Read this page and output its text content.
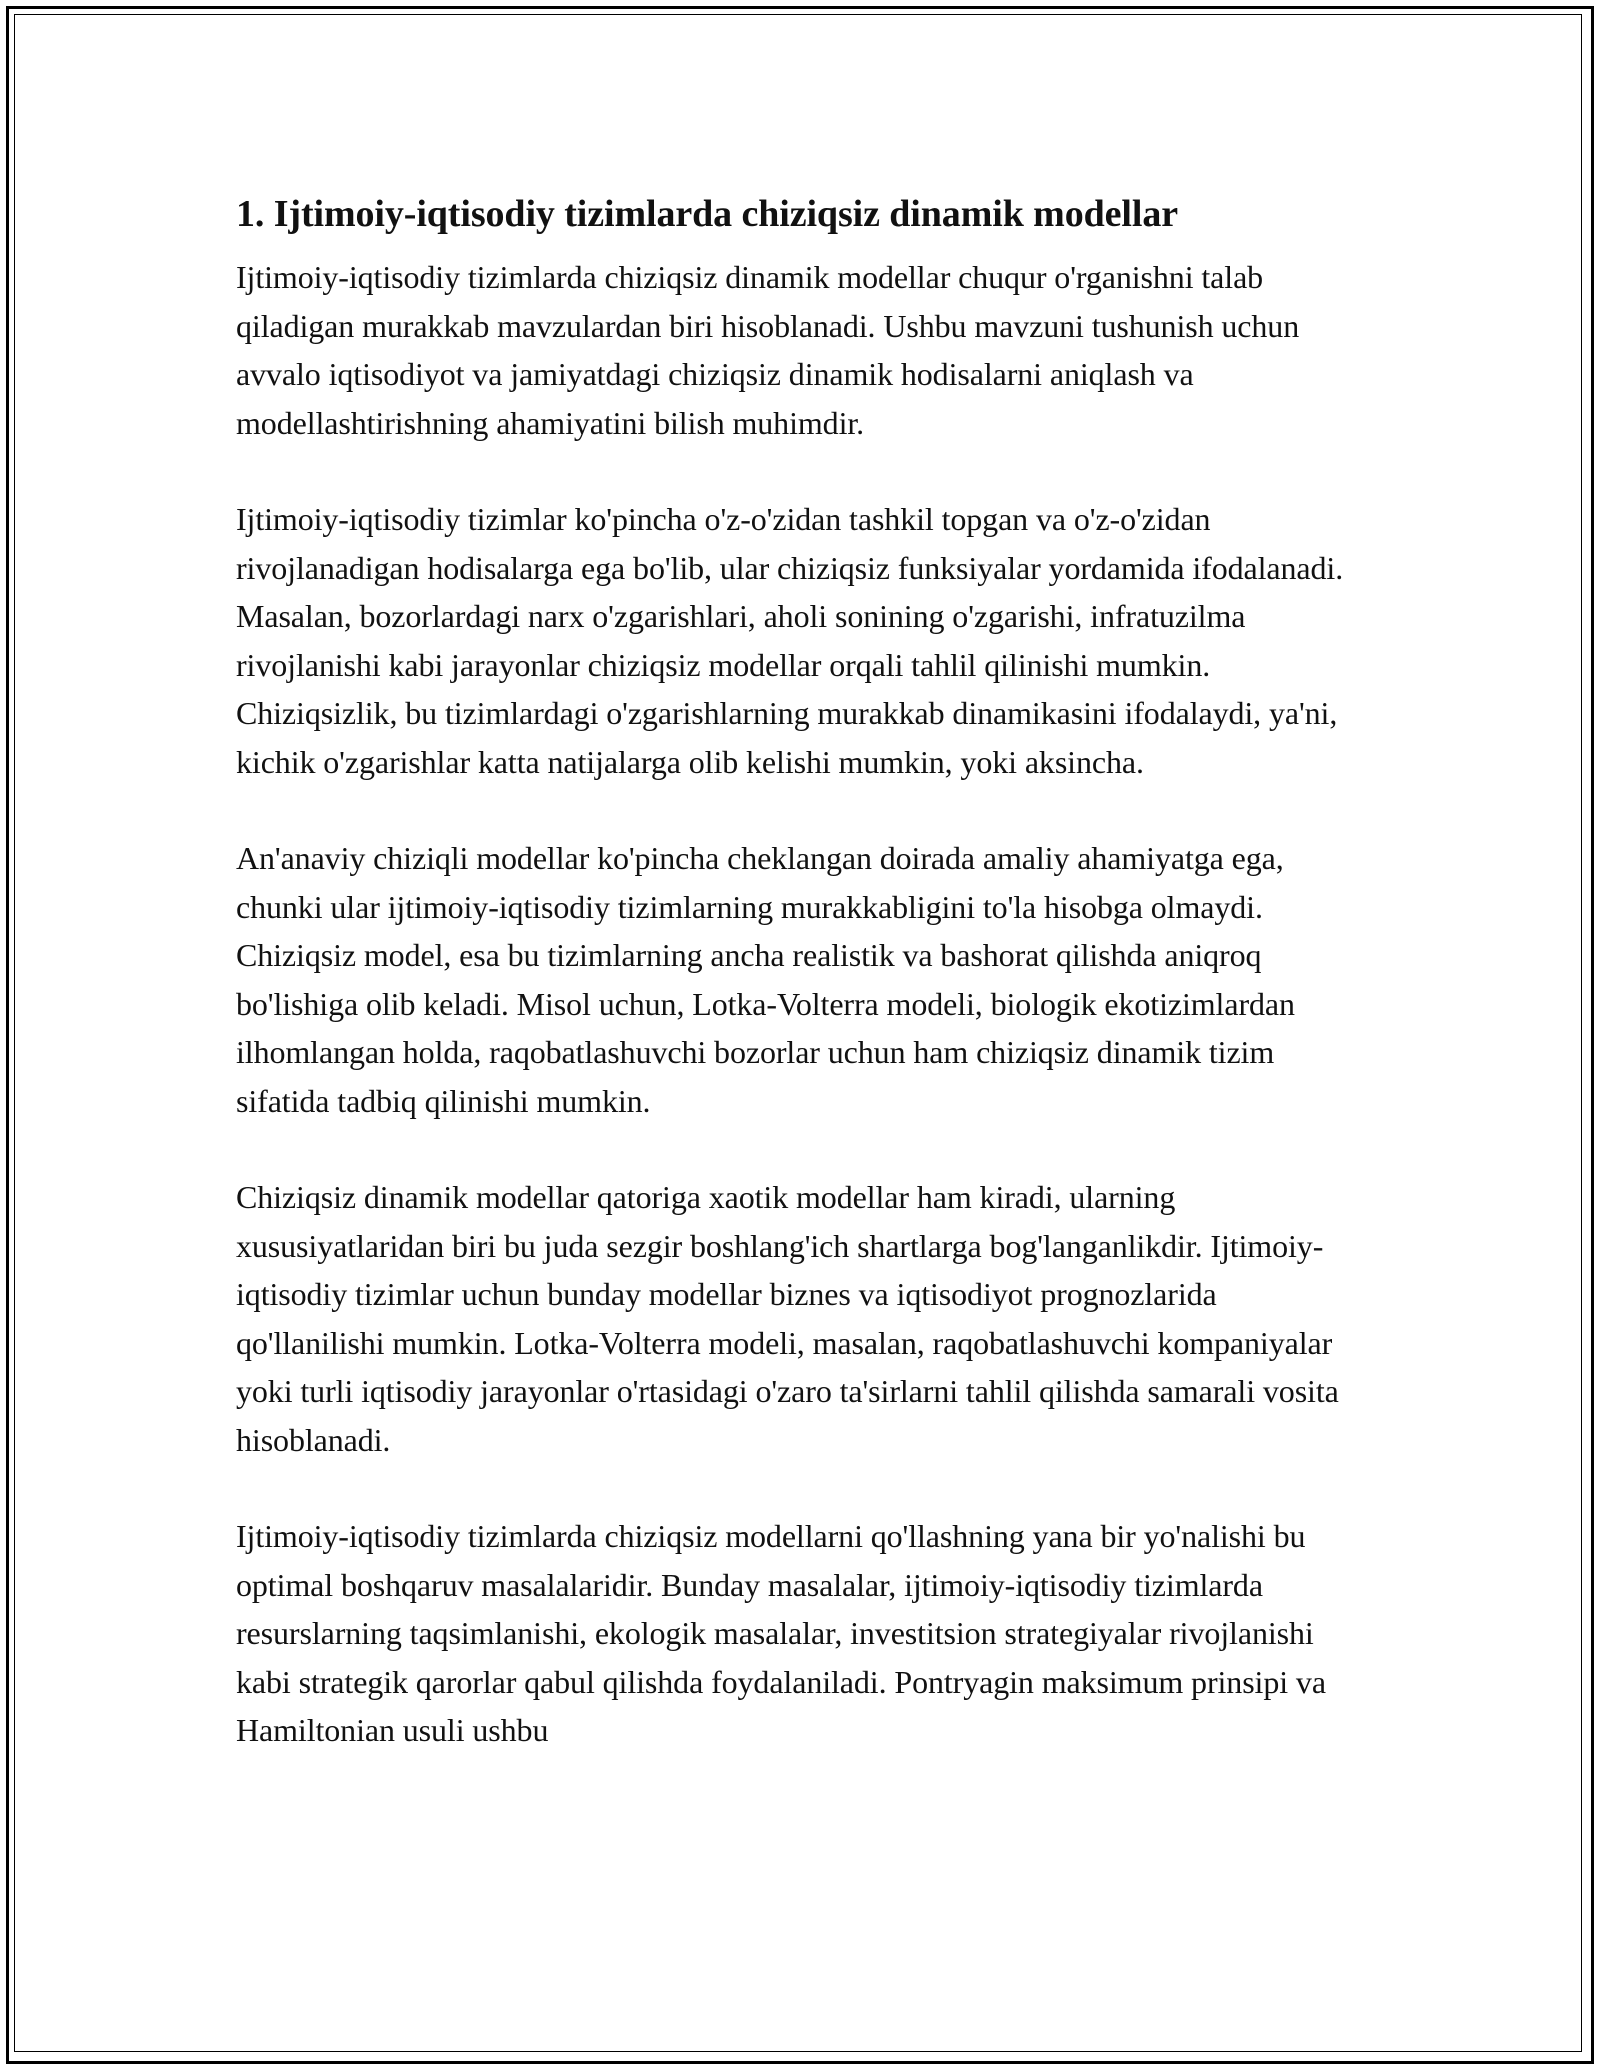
1. Ijtimoiy-iqtisodiy tizimlarda chiziqsiz dinamik modellar

Ijtimoiy-iqtisodiy tizimlarda chiziqsiz dinamik modellar chuqur o'rganishni talab qiladigan murakkab mavzulardan biri hisoblanadi. Ushbu mavzuni tushunish uchun avvalo iqtisodiyot va jamiyatdagi chiziqsiz dinamik hodisalarni aniqlash va modellashtirishning ahamiyatini bilish muhimdir.

Ijtimoiy-iqtisodiy tizimlar ko'pincha o'z-o'zidan tashkil topgan va o'z-o'zidan rivojlanadigan hodisalarga ega bo'lib, ular chiziqsiz funksiyalar yordamida ifodalanadi. Masalan, bozorlardagi narx o'zgarishlari, aholi sonining o'zgarishi, infratuzilma rivojlanishi kabi jarayonlar chiziqsiz modellar orqali tahlil qilinishi mumkin. Chiziqsizlik, bu tizimlardagi o'zgarishlarning murakkab dinamikasini ifodalaydi, ya'ni, kichik o'zgarishlar katta natijalarga olib kelishi mumkin, yoki aksincha.

An'anaviy chiziqli modellar ko'pincha cheklangan doirada amaliy ahamiyatga ega, chunki ular ijtimoiy-iqtisodiy tizimlarning murakkabligini to'la hisobga olmaydi. Chiziqsiz model, esa bu tizimlarning ancha realistik va bashorat qilishda aniqroq bo'lishiga olib keladi. Misol uchun, Lotka-Volterra modeli, biologik ekotizimlardan ilhomlangan holda, raqobatlashuvchi bozorlar uchun ham chiziqsiz dinamik tizim sifatida tadbiq qilinishi mumkin.

Chiziqsiz dinamik modellar qatoriga xaotik modellar ham kiradi, ularning xususiyatlaridan biri bu juda sezgir boshlang'ich shartlarga bog'langanlikdir. Ijtimoiy-iqtisodiy tizimlar uchun bunday modellar biznes va iqtisodiyot prognozlarida qo'llanilishi mumkin. Lotka-Volterra modeli, masalan, raqobatlashuvchi kompaniyalar yoki turli iqtisodiy jarayonlar o'rtasidagi o'zaro ta'sirlarni tahlil qilishda samarali vosita hisoblanadi.

Ijtimoiy-iqtisodiy tizimlarda chiziqsiz modellarni qo'llashning yana bir yo'nalishi bu optimal boshqaruv masalalaridir. Bunday masalalar, ijtimoiy-iqtisodiy tizimlarda resurslarning taqsimlanishi, ekologik masalalar, investitsion strategiyalar rivojlanishi kabi strategik qarorlar qabul qilishda foydalaniladi. Pontryagin maksimum prinsipi va Hamiltonian usuli ushbu
